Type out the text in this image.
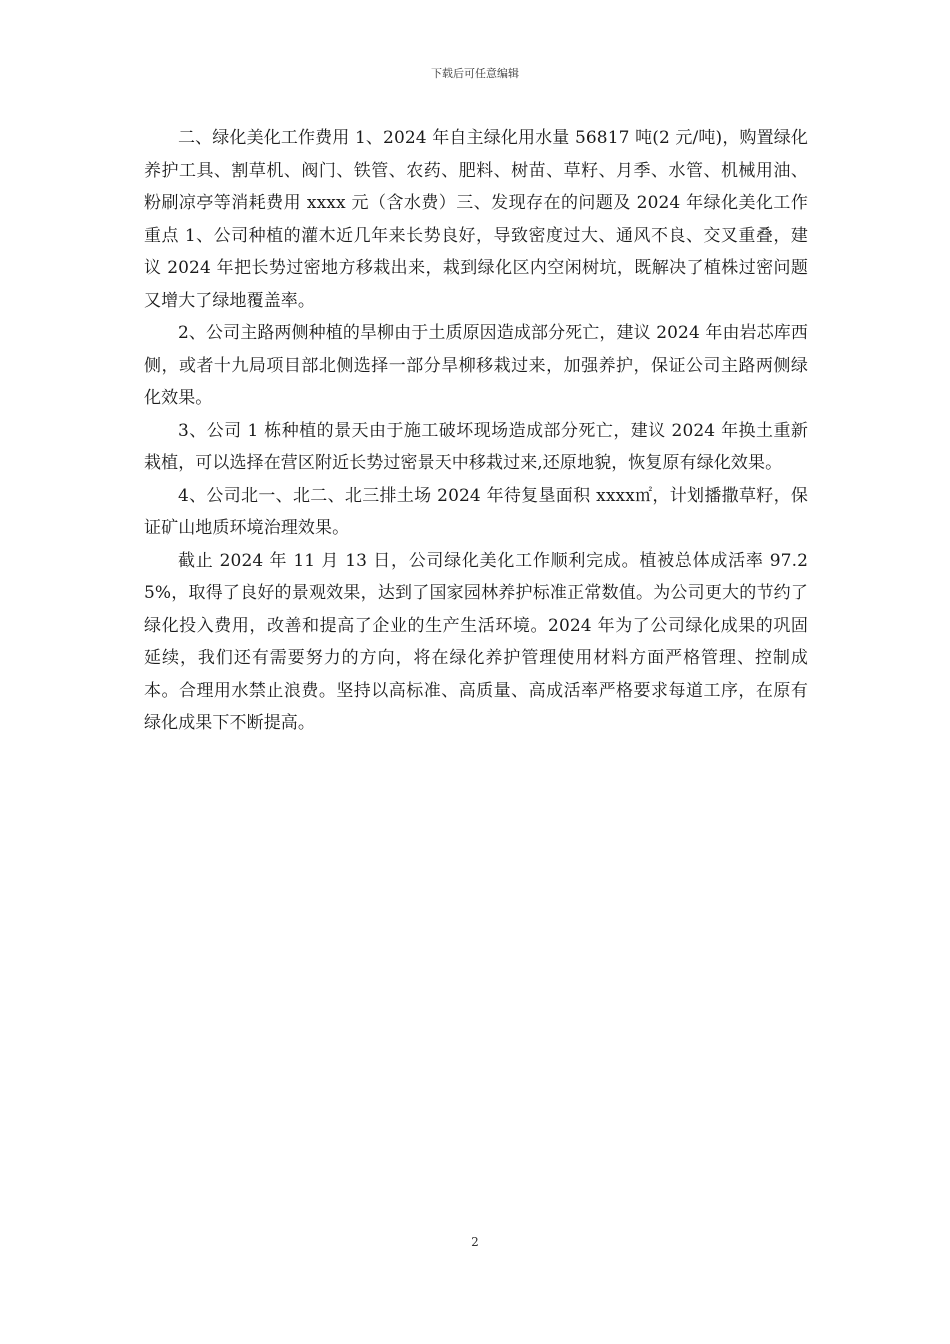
下载后可任意编辑

二、绿化美化工作费用 1、2024 年自主绿化用水量 56817 吨(2 元/吨)，购置绿化养护工具、割草机、阀门、铁管、农药、肥料、树苗、草籽、月季、水管、机械用油、粉刷凉亭等消耗费用 xxxx 元（含水费）三、发现存在的问题及 2024 年绿化美化工作重点 1、公司种植的灌木近几年来长势良好，导致密度过大、通风不良、交叉重叠，建议 2024 年把长势过密地方移栽出来，栽到绿化区内空闲树坑，既解决了植株过密问题又增大了绿地覆盖率。

2、公司主路两侧种植的旱柳由于土质原因造成部分死亡，建议 2024 年由岩芯库西侧，或者十九局项目部北侧选择一部分旱柳移栽过来，加强养护，保证公司主路两侧绿化效果。

3、公司 1 栋种植的景天由于施工破坏现场造成部分死亡，建议 2024 年换土重新栽植，可以选择在营区附近长势过密景天中移栽过来,还原地貌，恢复原有绿化效果。

4、公司北一、北二、北三排土场 2024 年待复垦面积 xxxx㎡，计划播撒草籽，保证矿山地质环境治理效果。

截止 2024 年 11 月 13 日，公司绿化美化工作顺利完成。植被总体成活率 97.25%，取得了良好的景观效果，达到了国家园林养护标准正常数值。为公司更大的节约了绿化投入费用，改善和提高了企业的生产生活环境。2024 年为了公司绿化成果的巩固延续，我们还有需要努力的方向，将在绿化养护管理使用材料方面严格管理、控制成本。合理用水禁止浪费。坚持以高标准、高质量、高成活率严格要求每道工序，在原有绿化成果下不断提高。

2
